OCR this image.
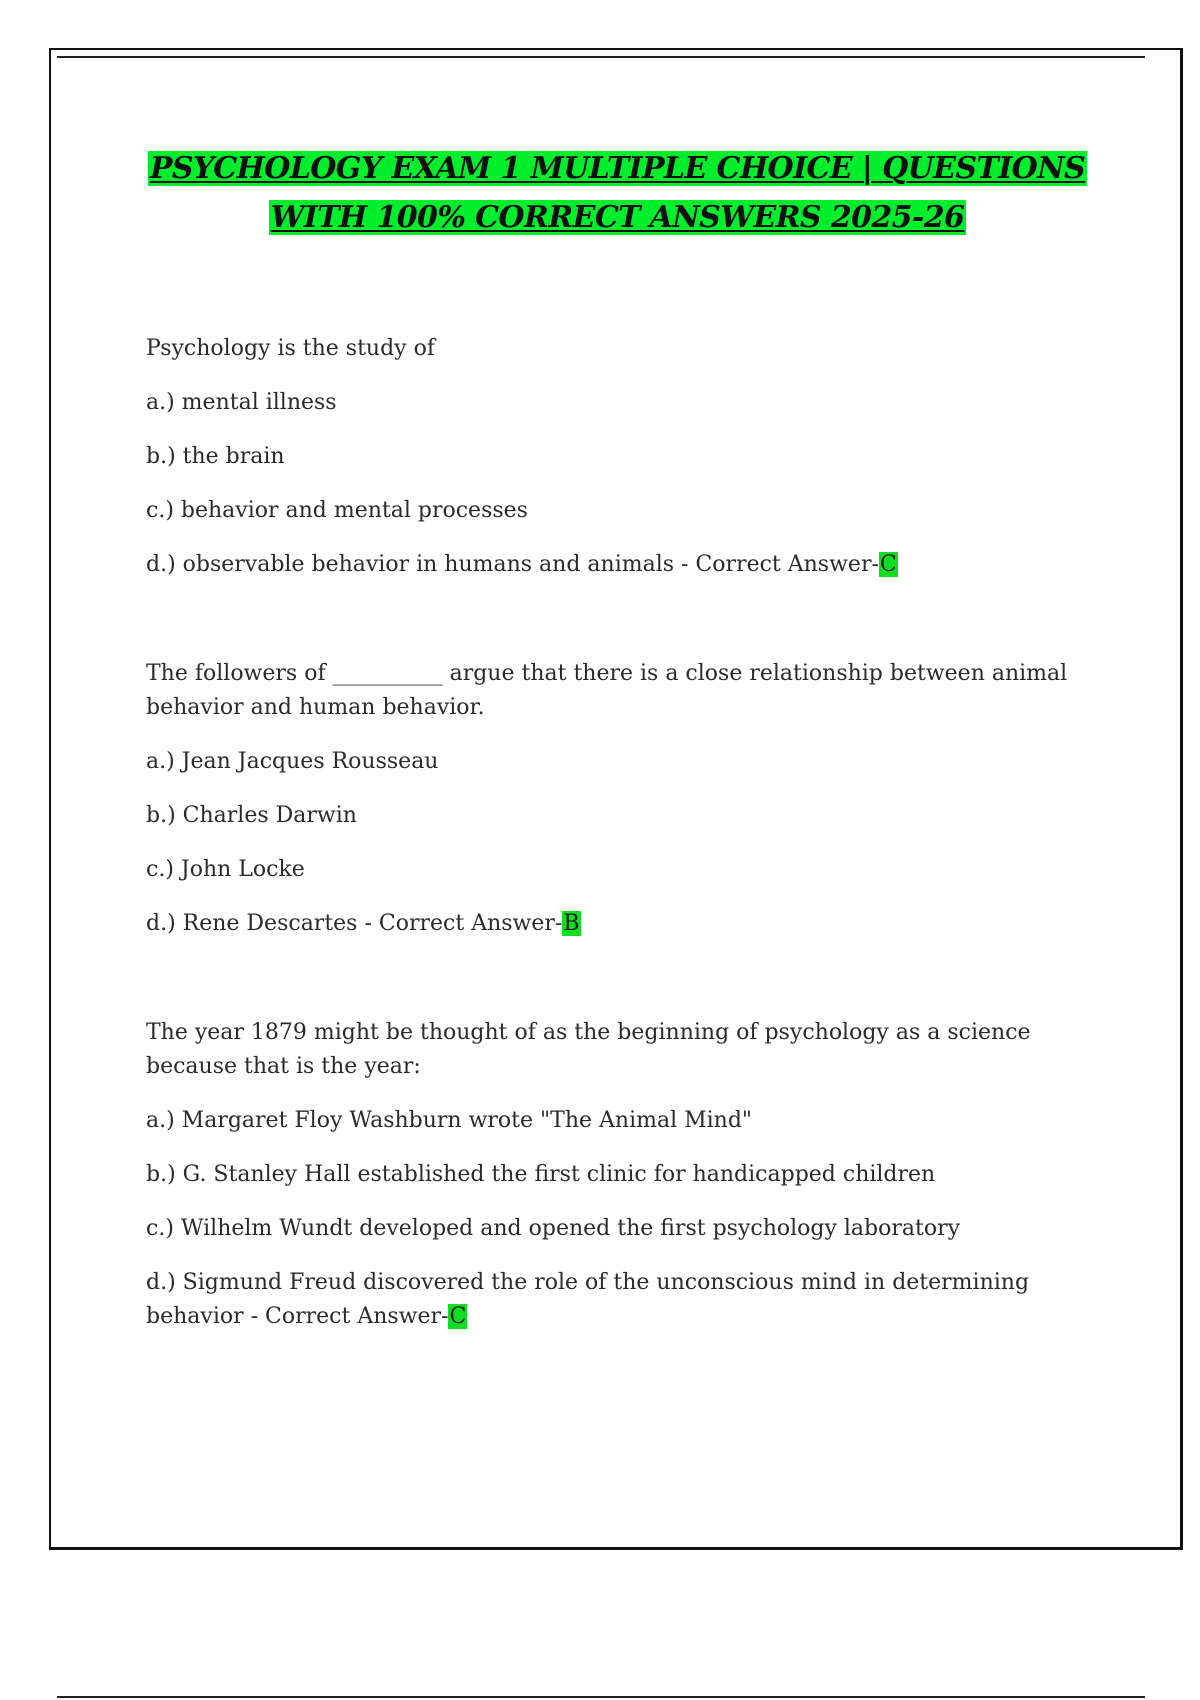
PSYCHOLOGY EXAM 1 MULTIPLE CHOICE | QUESTIONS
WITH 100% CORRECT ANSWERS 2025-26

Psychology is the study of

a.) mental illness

b.) the brain

c.) behavior and mental processes

d.) observable behavior in humans and animals - Correct Answer-C

The followers of __________ argue that there is a close relationship between animal behavior and human behavior.

a.) Jean Jacques Rousseau

b.) Charles Darwin

c.) John Locke

d.) Rene Descartes - Correct Answer-B

The year 1879 might be thought of as the beginning of psychology as a science because that is the year:

a.) Margaret Floy Washburn wrote "The Animal Mind"

b.) G. Stanley Hall established the first clinic for handicapped children

c.) Wilhelm Wundt developed and opened the first psychology laboratory

d.) Sigmund Freud discovered the role of the unconscious mind in determining behavior - Correct Answer-C
